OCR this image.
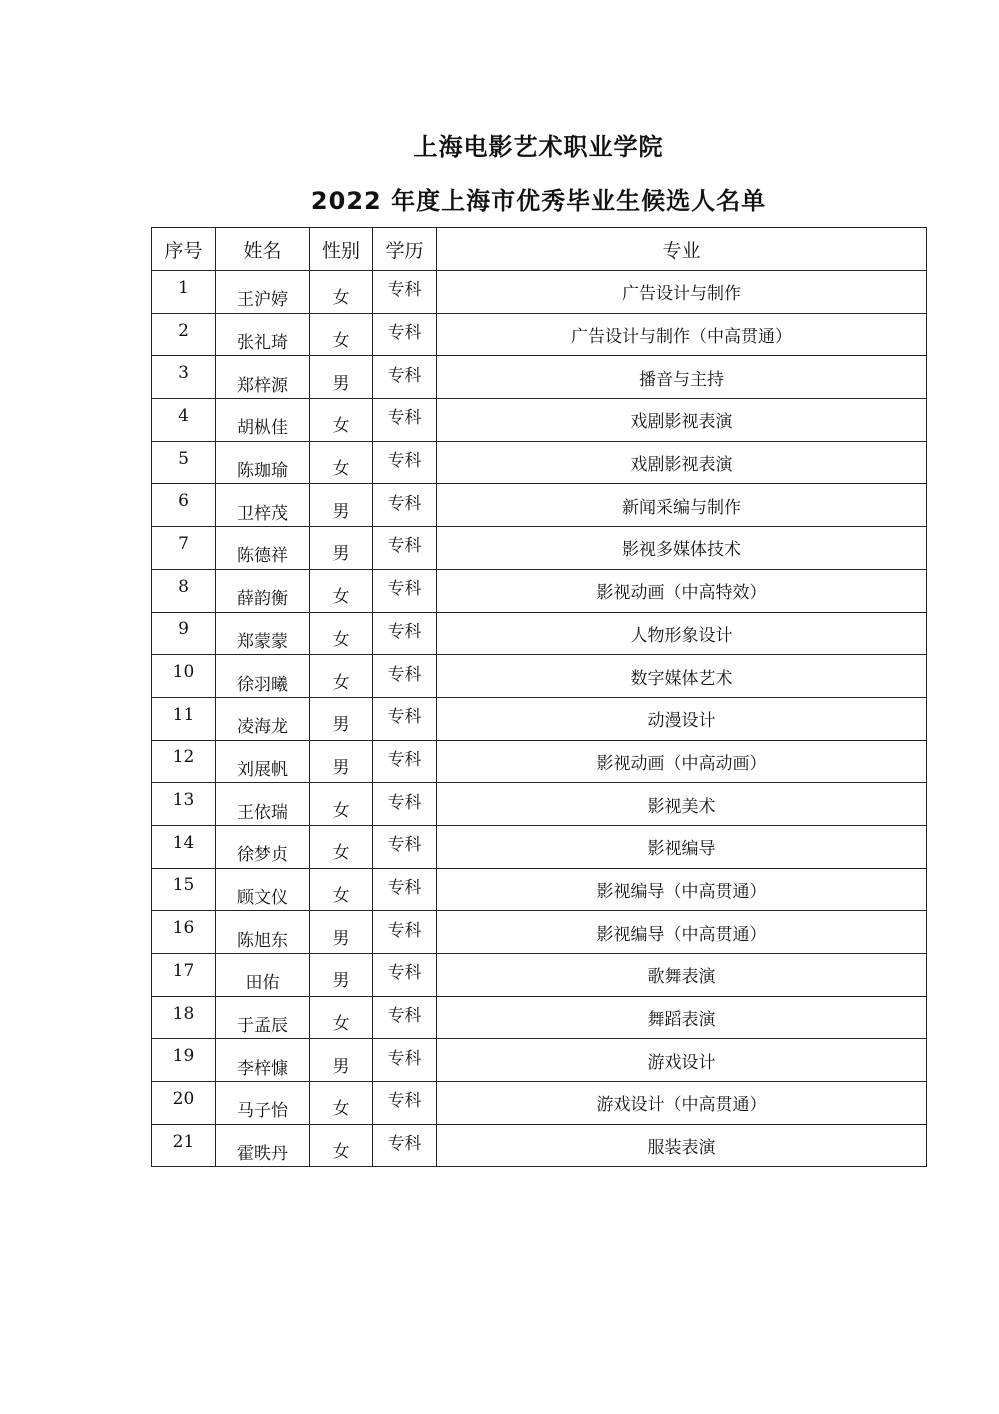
上海电影艺术职业学院
2022 年度上海市优秀毕业生候选人名单
序号	姓名	性别	学历	专业
1	王沪婷	女	专科	广告设计与制作
2	张礼琦	女	专科	广告设计与制作（中高贯通）
3	郑梓源	男	专科	播音与主持
4	胡枞佳	女	专科	戏剧影视表演
5	陈珈瑜	女	专科	戏剧影视表演
6	卫梓茂	男	专科	新闻采编与制作
7	陈德祥	男	专科	影视多媒体技术
8	薛韵衡	女	专科	影视动画（中高特效）
9	郑蒙蒙	女	专科	人物形象设计
10	徐羽曦	女	专科	数字媒体艺术
11	凌海龙	男	专科	动漫设计
12	刘展帆	男	专科	影视动画（中高动画）
13	王依瑞	女	专科	影视美术
14	徐梦贞	女	专科	影视编导
15	顾文仪	女	专科	影视编导（中高贯通）
16	陈旭东	男	专科	影视编导（中高贯通）
17	田佑	男	专科	歌舞表演
18	于孟辰	女	专科	舞蹈表演
19	李梓慷	男	专科	游戏设计
20	马子怡	女	专科	游戏设计（中高贯通）
21	霍昳丹	女	专科	服装表演
